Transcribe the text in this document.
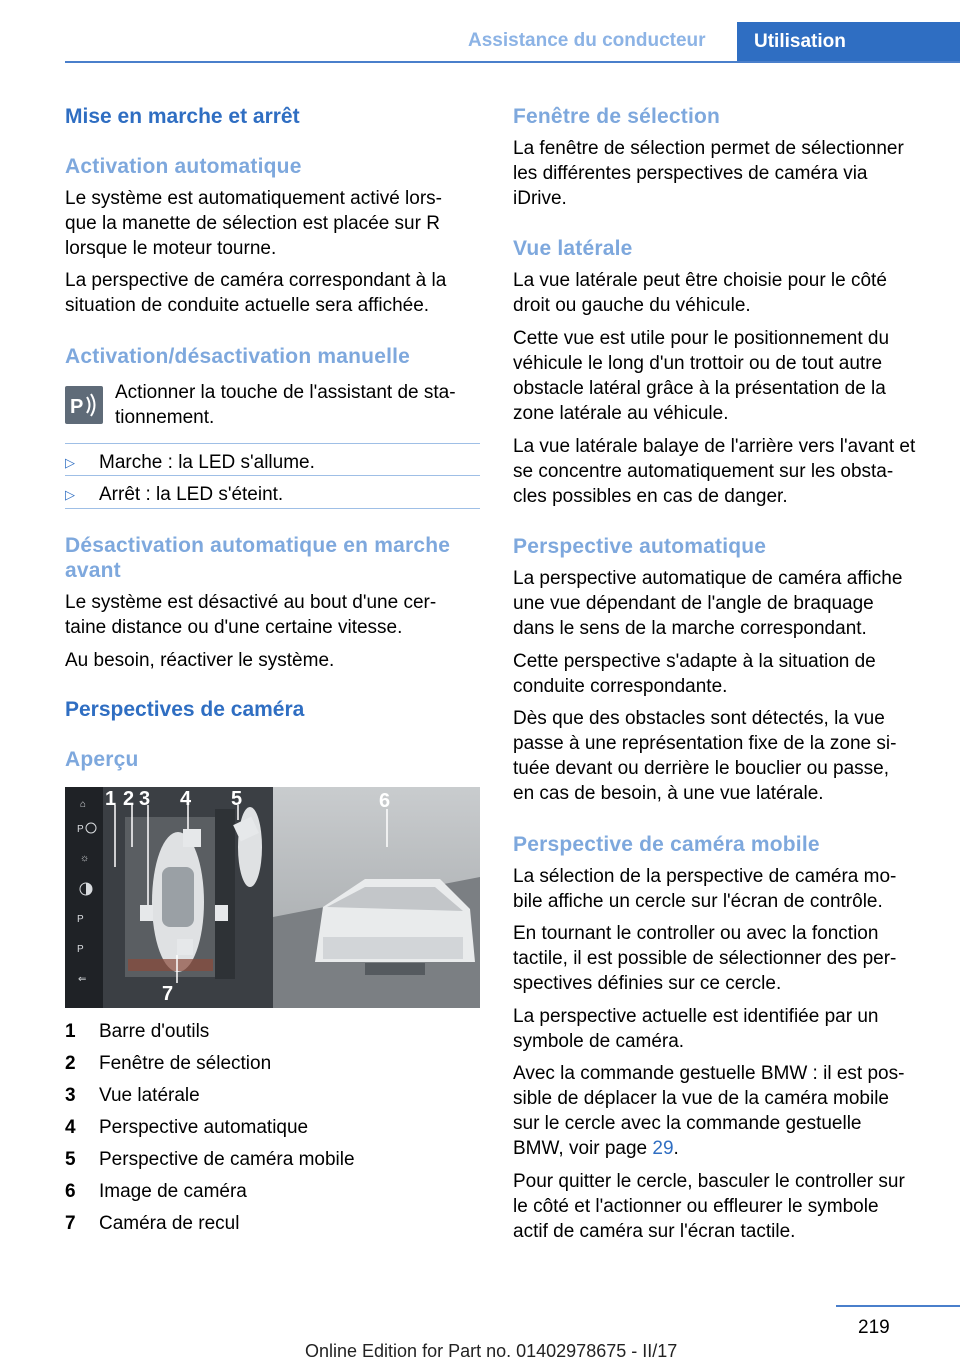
Assistance du conducteur	Utilisation
Mise en marche et arrêt
Activation automatique
Le système est automatiquement activé lors‐
que la manette de sélection est placée sur R
lorsque le moteur tourne.
La perspective de caméra correspondant à la
situation de conduite actuelle sera affichée.
Activation/désactivation manuelle
P
Actionner la touche de l'assistant de sta‐
tionnement.
▷ Marche : la LED s'allume.
▷ Arrêt : la LED s'éteint.
Désactivation automatique en marche
avant
Le système est désactivé au bout d'une cer‐
taine distance ou d'une certaine vitesse.
Au besoin, réactiver le système.
Perspectives de caméra
Aperçu
⌂
P
☼
P
P
⇐
1 2 3 4 5	6
7
1 Barre d'outils
2 Fenêtre de sélection
3 Vue latérale
4 Perspective automatique
5 Perspective de caméra mobile
6 Image de caméra
7 Caméra de recul
Fenêtre de sélection
La fenêtre de sélection permet de sélectionner
les différentes perspectives de caméra via
iDrive.
Vue latérale
La vue latérale peut être choisie pour le côté
droit ou gauche du véhicule.
Cette vue est utile pour le positionnement du
véhicule le long d'un trottoir ou de tout autre
obstacle latéral grâce à la présentation de la
zone latérale au véhicule.
La vue latérale balaye de l'arrière vers l'avant et
se concentre automatiquement sur les obsta‐
cles possibles en cas de danger.
Perspective automatique
La perspective automatique de caméra affiche
une vue dépendant de l'angle de braquage
dans le sens de la marche correspondant.
Cette perspective s'adapte à la situation de
conduite correspondante.
Dès que des obstacles sont détectés, la vue
passe à une représentation fixe de la zone si‐
tuée devant ou derrière le bouclier ou passe,
en cas de besoin, à une vue latérale.
Perspective de caméra mobile
La sélection de la perspective de caméra mo‐
bile affiche un cercle sur l'écran de contrôle.
En tournant le controller ou avec la fonction
tactile, il est possible de sélectionner des per‐
spectives définies sur ce cercle.
La perspective actuelle est identifiée par un
symbole de caméra.
Avec la commande gestuelle BMW : il est pos‐
sible de déplacer la vue de la caméra mobile
sur le cercle avec la commande gestuelle
BMW, voir page 29.
Pour quitter le cercle, basculer le controller sur
le côté et l'actionner ou effleurer le symbole
actif de caméra sur l'écran tactile.
219
Online Edition for Part no. 01402978675 - II/17
